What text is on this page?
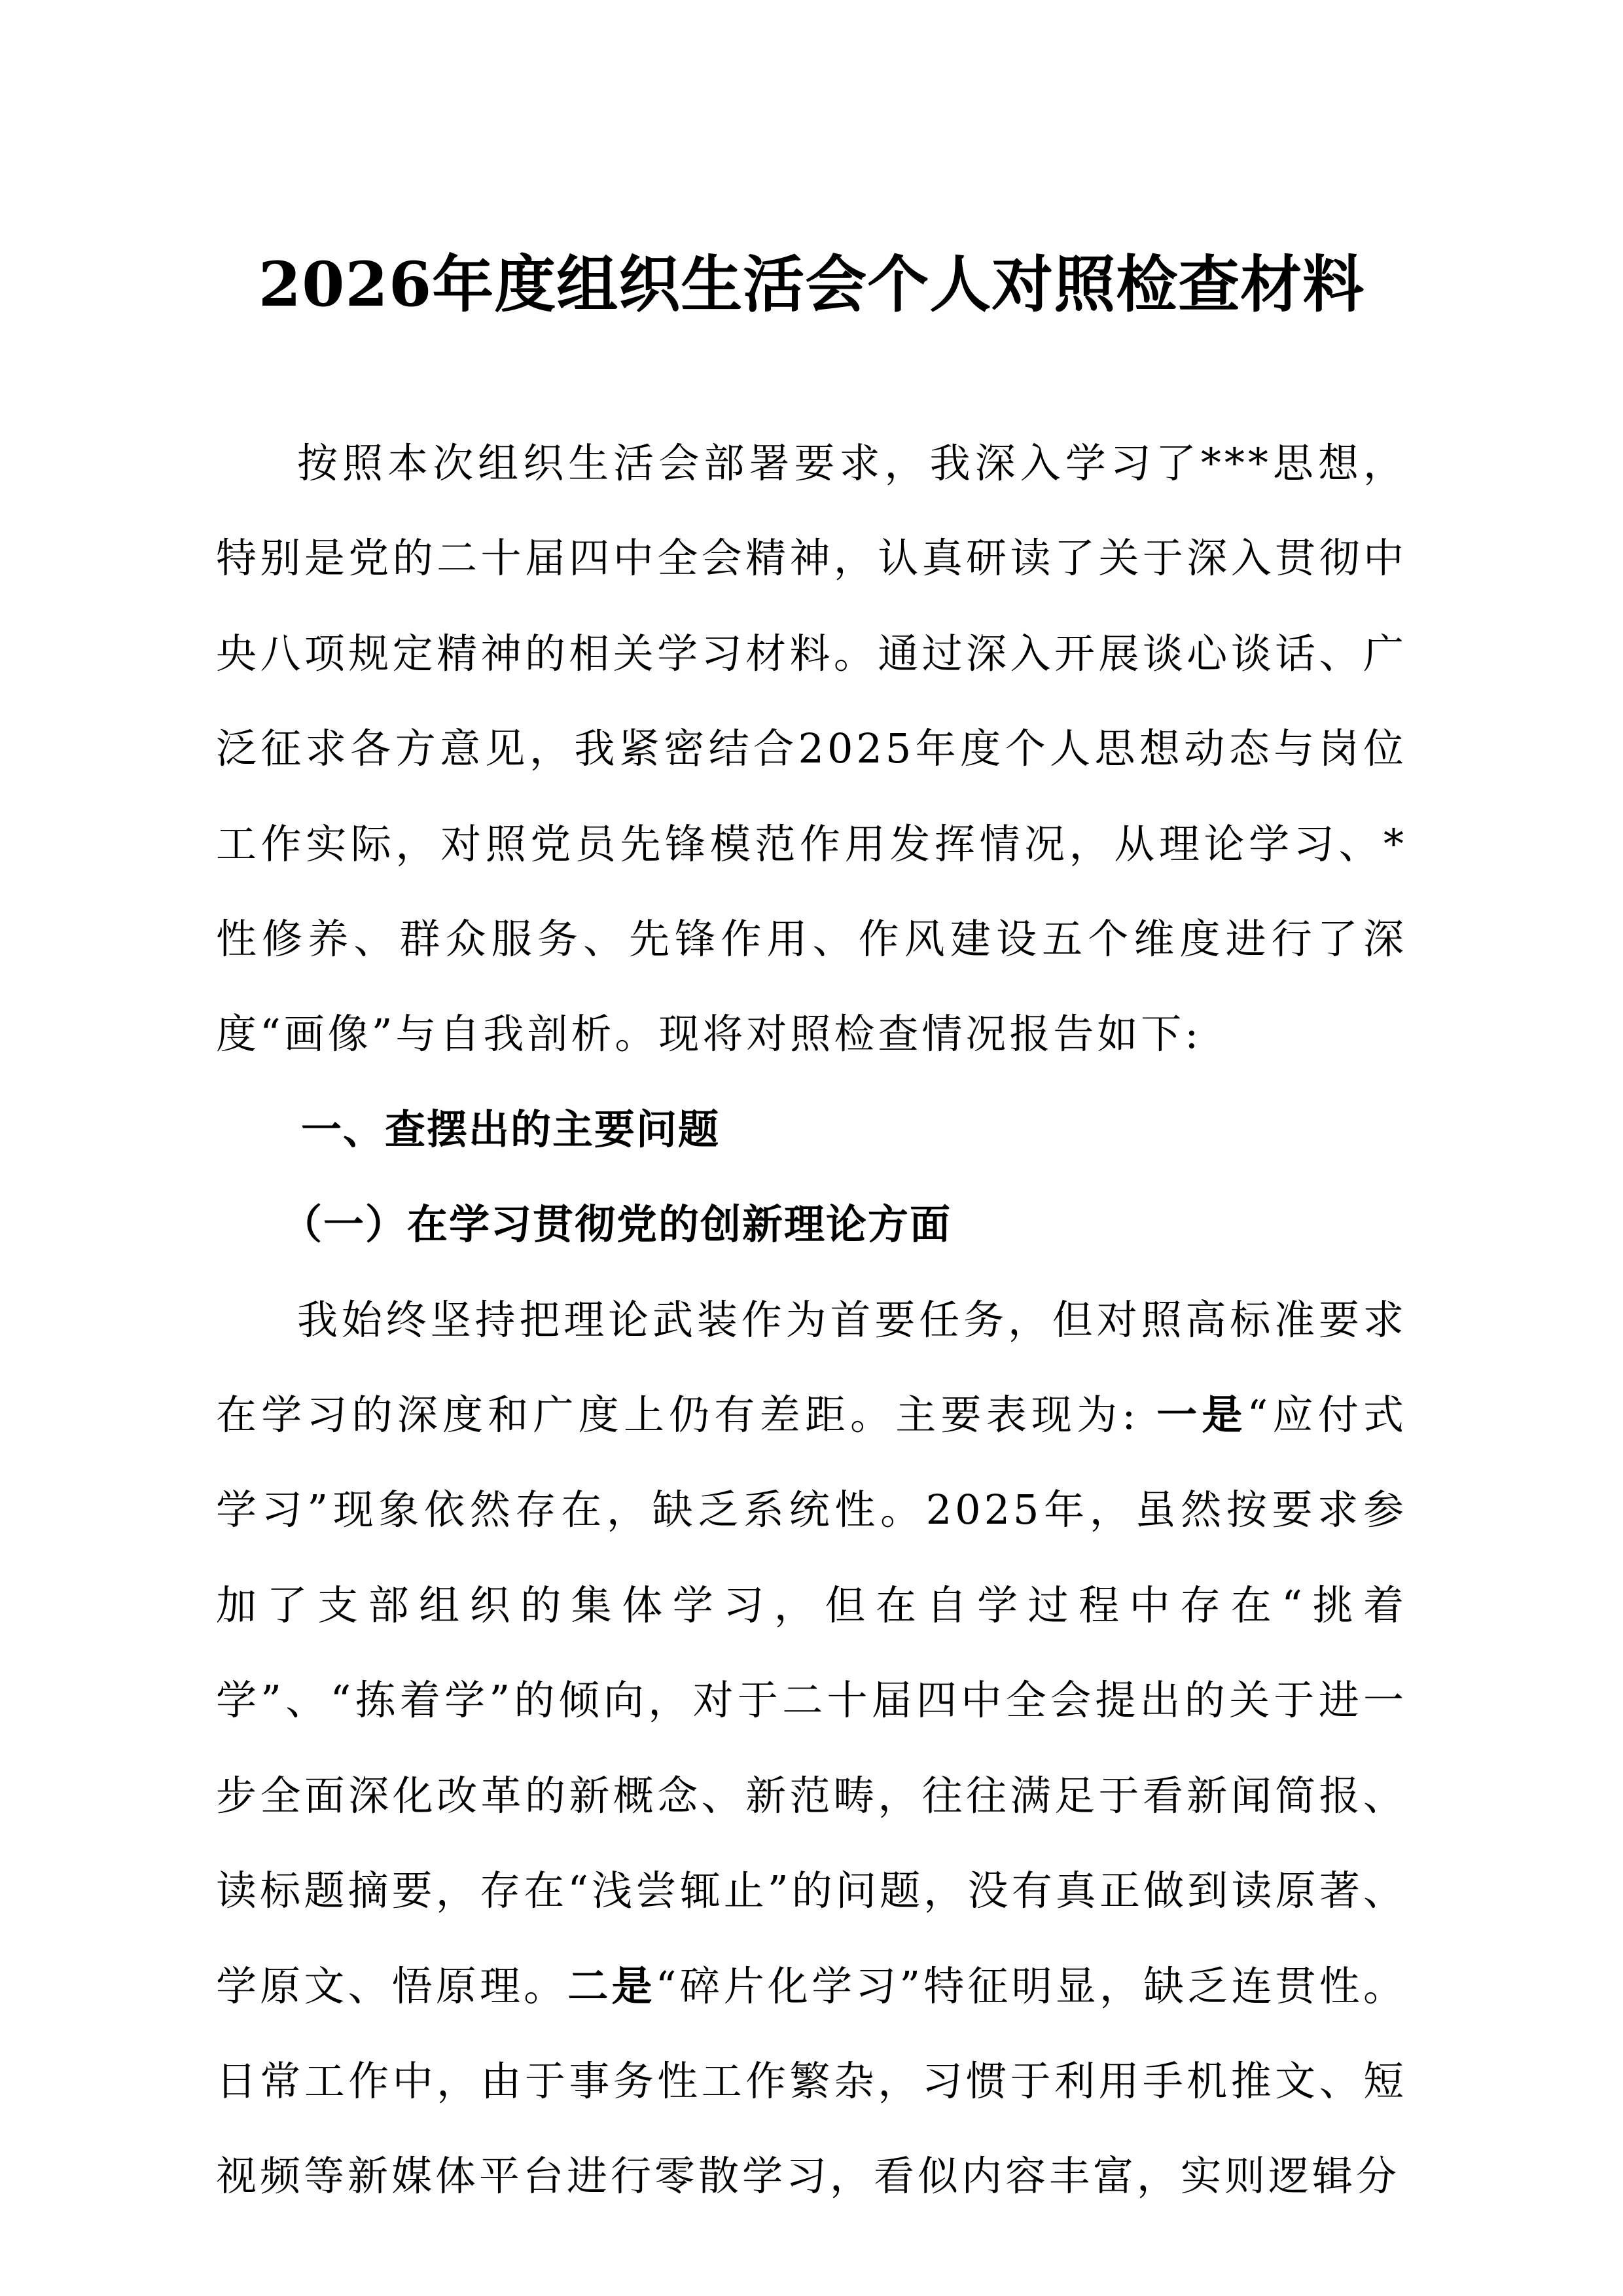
2026年度组织生活会个人对照检查材料

按照本次组织生活会部署要求，我深入学习了***思想，特别是党的二十届四中全会精神，认真研读了关于深入贯彻中央八项规定精神的相关学习材料。通过深入开展谈心谈话、广泛征求各方意见，我紧密结合2025年度个人思想动态与岗位工作实际，对照党员先锋模范作用发挥情况，从理论学习、*性修养、群众服务、先锋作用、作风建设五个维度进行了深度“画像”与自我剖析。现将对照检查情况报告如下:

一、查摆出的主要问题

（一）在学习贯彻党的创新理论方面

我始终坚持把理论武装作为首要任务，但对照高标准要求在学习的深度和广度上仍有差距。主要表现为: 一是“应付式学习”现象依然存在，缺乏系统性。2025年，虽然按要求参加了支部组织的集体学习，但在自学过程中存在“挑着学”、“拣着学”的倾向，对于二十届四中全会提出的关于进一步全面深化改革的新概念、新范畴，往往满足于看新闻简报、读标题摘要，存在“浅尝辄止”的问题，没有真正做到读原著、学原文、悟原理。二是“碎片化学习”特征明显，缺乏连贯性。日常工作中，由于事务性工作繁杂，习惯于利用手机推文、短视频等新媒体平台进行零散学习，看似内容丰富，实则逻辑分
